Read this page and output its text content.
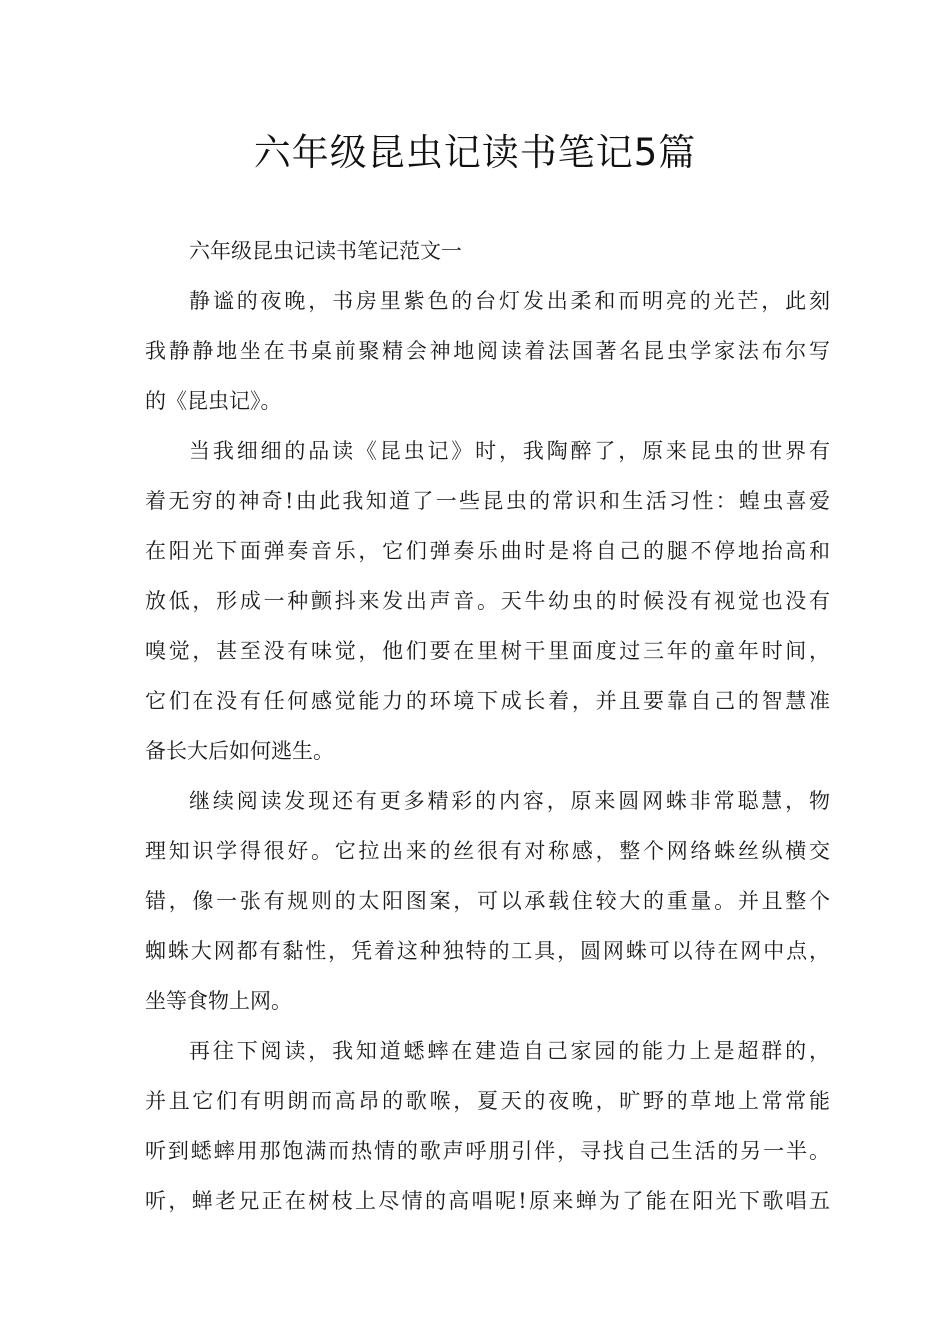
六年级昆虫记读书笔记5篇
六年级昆虫记读书笔记范文一
静谧的夜晚，书房里紫色的台灯发出柔和而明亮的光芒，此刻
我静静地坐在书桌前聚精会神地阅读着法国著名昆虫学家法布尔写
的《昆虫记》。
当我细细的品读《昆虫记》时，我陶醉了，原来昆虫的世界有
着无穷的神奇!由此我知道了一些昆虫的常识和生活习性：蝗虫喜爱
在阳光下面弹奏音乐，它们弹奏乐曲时是将自己的腿不停地抬高和
放低，形成一种颤抖来发出声音。天牛幼虫的时候没有视觉也没有
嗅觉，甚至没有味觉，他们要在里树干里面度过三年的童年时间，
它们在没有任何感觉能力的环境下成长着，并且要靠自己的智慧准
备长大后如何逃生。
继续阅读发现还有更多精彩的内容，原来圆网蛛非常聪慧，物
理知识学得很好。它拉出来的丝很有对称感，整个网络蛛丝纵横交
错，像一张有规则的太阳图案，可以承载住较大的重量。并且整个
蜘蛛大网都有黏性，凭着这种独特的工具，圆网蛛可以待在网中点，
坐等食物上网。
再往下阅读，我知道蟋蟀在建造自己家园的能力上是超群的，
并且它们有明朗而高昂的歌喉，夏天的夜晚，旷野的草地上常常能
听到蟋蟀用那饱满而热情的歌声呼朋引伴，寻找自己生活的另一半。
听，蝉老兄正在树枝上尽情的高唱呢!原来蝉为了能在阳光下歌唱五
